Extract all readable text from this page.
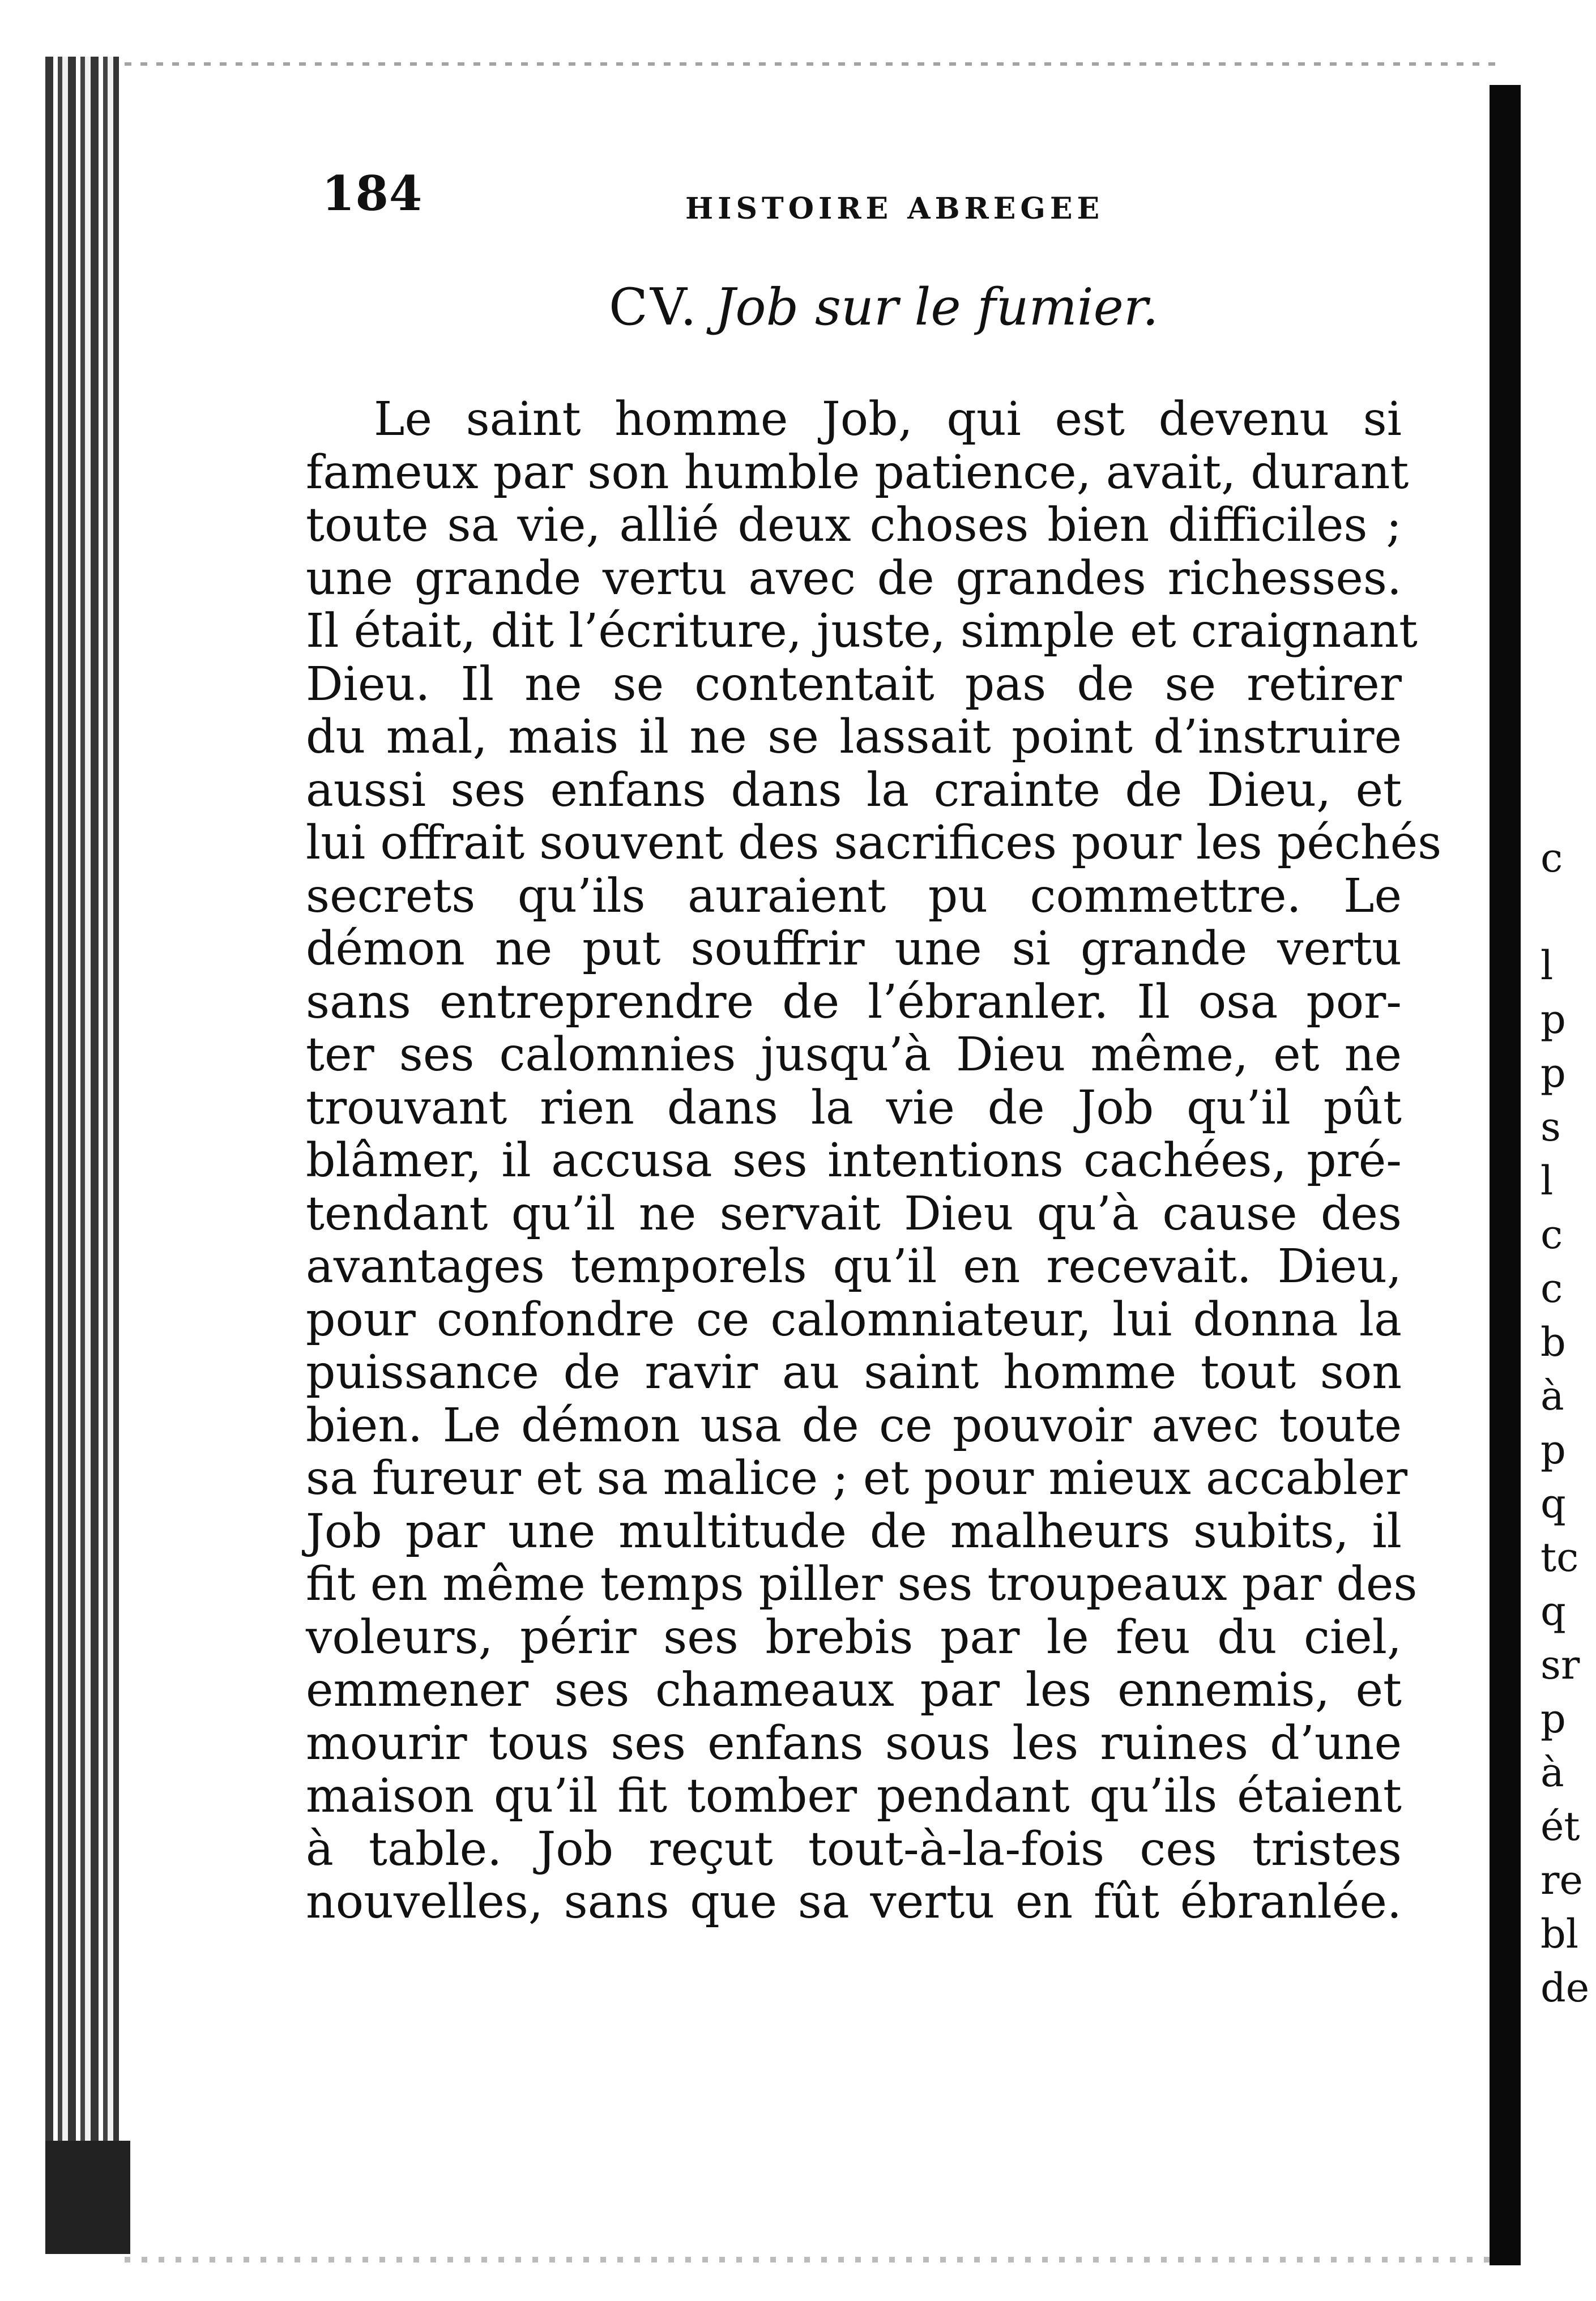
184	HISTOIRE ABREGEE
CV. Job sur le fumier.
Le saint homme Job, qui est devenu si
fameux par son humble patience, avait, durant
toute sa vie, allié deux choses bien difficiles ;
une grande vertu avec de grandes richesses.
Il était, dit l’écriture, juste, simple et craignant
Dieu. Il ne se contentait pas de se retirer
du mal, mais il ne se lassait point d’instruire
aussi ses enfans dans la crainte de Dieu, et
lui offrait souvent des sacrifices pour les péchés
secrets qu’ils auraient pu commettre. Le
démon ne put souffrir une si grande vertu
sans entreprendre de l’ébranler. Il osa por-
ter ses calomnies jusqu’à Dieu même, et ne
trouvant rien dans la vie de Job qu’il pût
blâmer, il accusa ses intentions cachées, pré-
tendant qu’il ne servait Dieu qu’à cause des
avantages temporels qu’il en recevait. Dieu,
pour confondre ce calomniateur, lui donna la
puissance de ravir au saint homme tout son
bien. Le démon usa de ce pouvoir avec toute
sa fureur et sa malice ; et pour mieux accabler
Job par une multitude de malheurs subits, il
fit en même temps piller ses troupeaux par des
voleurs, périr ses brebis par le feu du ciel,
emmener ses chameaux par les ennemis, et
mourir tous ses enfans sous les ruines d’une
maison qu’il fit tomber pendant qu’ils étaient
à table. Job reçut tout-à-la-fois ces tristes
nouvelles, sans que sa vertu en fût ébranlée.
c
l
p
p
s
l
c
c
b
à
p
q
tc
q
sr
p
à
ét
re
bl
de
